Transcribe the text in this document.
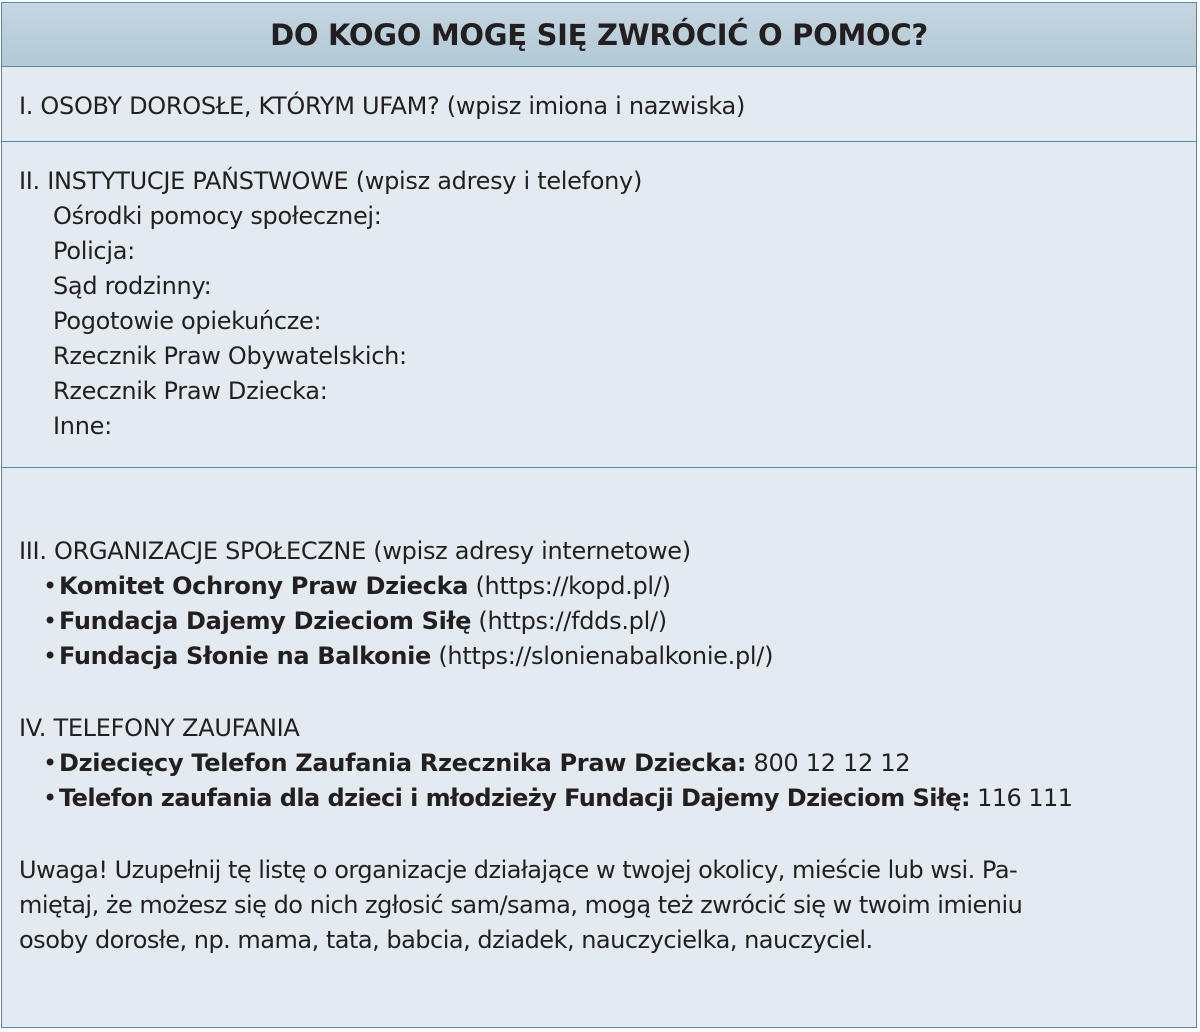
DO KOGO MOGĘ SIĘ ZWRÓCIĆ O POMOC?
I. OSOBY DOROSŁE, KTÓRYM UFAM? (wpisz imiona i nazwiska)
II. INSTYTUCJE PAŃSTWOWE (wpisz adresy i telefony)
Ośrodki pomocy społecznej:
Policja:
Sąd rodzinny:
Pogotowie opiekuńcze:
Rzecznik Praw Obywatelskich:
Rzecznik Praw Dziecka:
Inne:
III. ORGANIZACJE SPOŁECZNE (wpisz adresy internetowe)
•Komitet Ochrony Praw Dziecka (https://kopd.pl/)
•Fundacja Dajemy Dzieciom Siłę (https://fdds.pl/)
•Fundacja Słonie na Balkonie (https://slonienabalkonie.pl/)
IV. TELEFONY ZAUFANIA
•Dziecięcy Telefon Zaufania Rzecznika Praw Dziecka: 800 12 12 12
•Telefon zaufania dla dzieci i młodzieży Fundacji Dajemy Dzieciom Siłę: 116 111
Uwaga! Uzupełnij tę listę o organizacje działające w twojej okolicy, mieście lub wsi. Pa-
miętaj, że możesz się do nich zgłosić sam/sama, mogą też zwrócić się w twoim imieniu
osoby dorosłe, np. mama, tata, babcia, dziadek, nauczycielka, nauczyciel.
